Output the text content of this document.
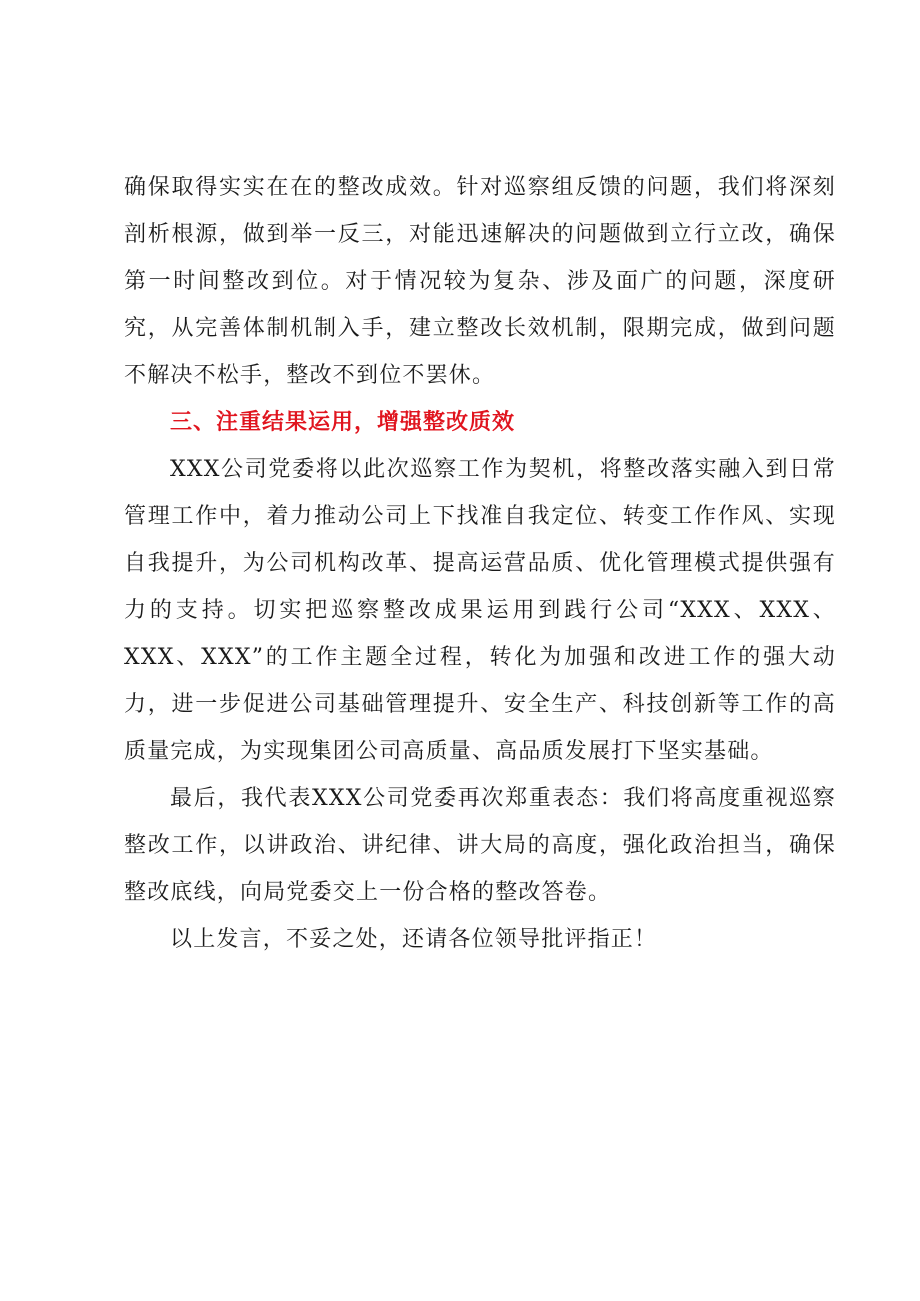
确保取得实实在在的整改成效。针对巡察组反馈的问题，我们将深刻剖析根源，做到举一反三，对能迅速解决的问题做到立行立改，确保第一时间整改到位。对于情况较为复杂、涉及面广的问题，深度研究，从完善体制机制入手，建立整改长效机制，限期完成，做到问题不解决不松手，整改不到位不罢休。

三、注重结果运用，增强整改质效

XXX公司党委将以此次巡察工作为契机，将整改落实融入到日常管理工作中，着力推动公司上下找准自我定位、转变工作作风、实现自我提升，为公司机构改革、提高运营品质、优化管理模式提供强有力的支持。切实把巡察整改成果运用到践行公司“XXX、XXX、XXX、XXX”的工作主题全过程，转化为加强和改进工作的强大动力，进一步促进公司基础管理提升、安全生产、科技创新等工作的高质量完成，为实现集团公司高质量、高品质发展打下坚实基础。

最后，我代表XXX公司党委再次郑重表态：我们将高度重视巡察整改工作，以讲政治、讲纪律、讲大局的高度，强化政治担当，确保整改底线，向局党委交上一份合格的整改答卷。

以上发言，不妥之处，还请各位领导批评指正！
